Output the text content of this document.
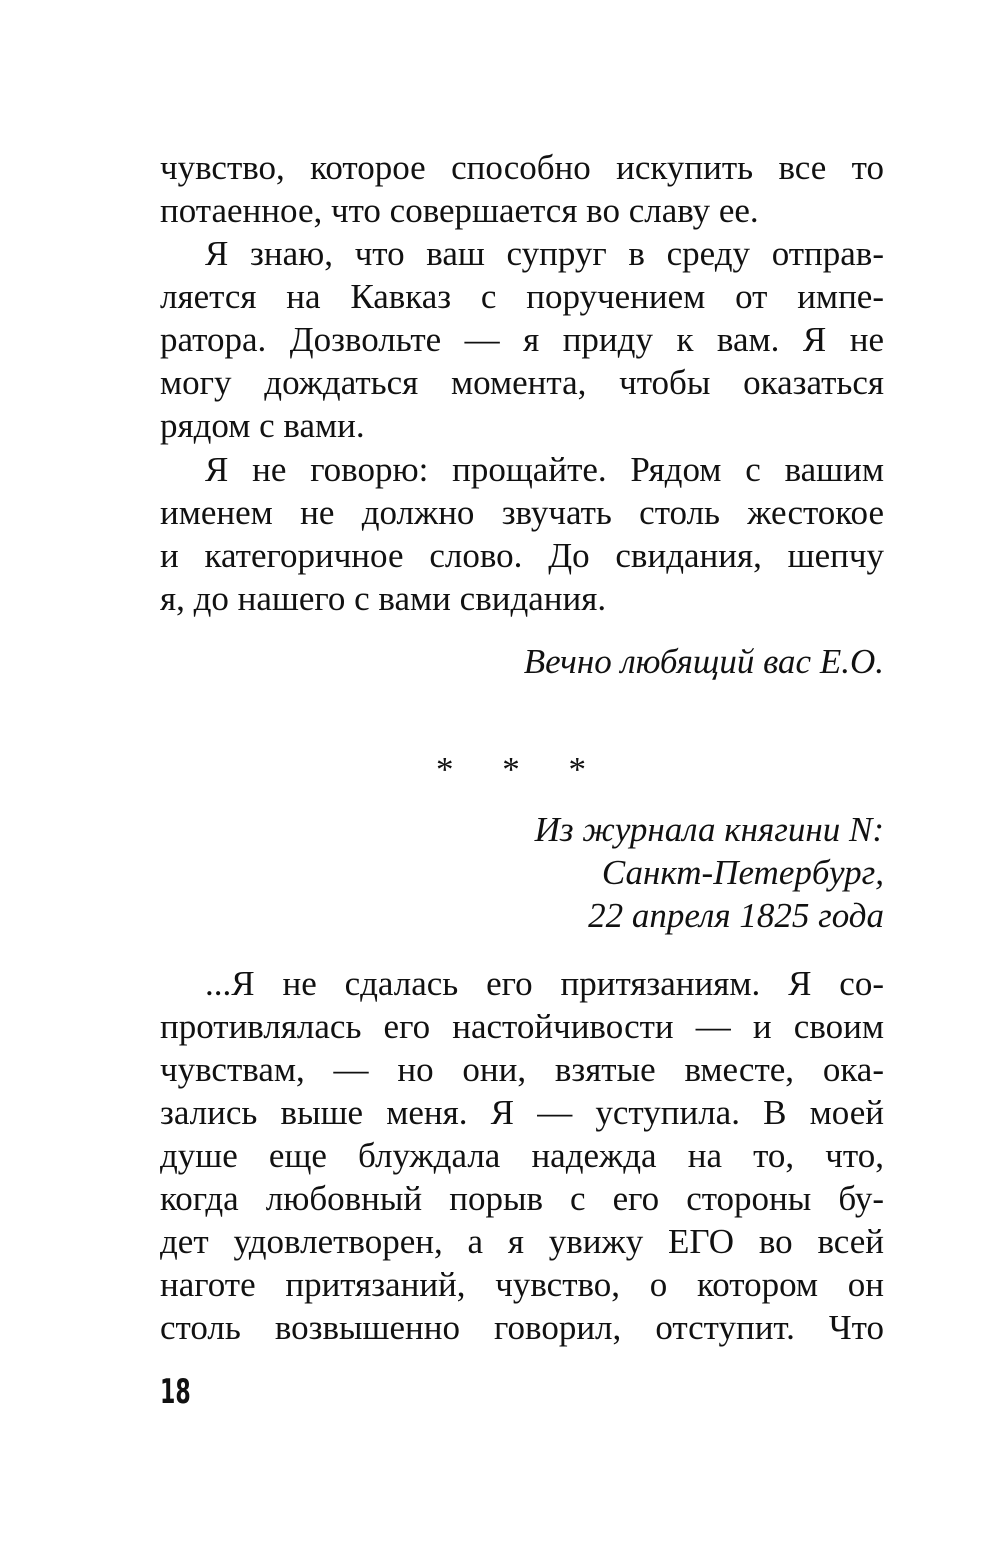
чувство, которое способно искупить все то
потаенное, что совершается во славу ее.
Я знаю, что ваш супруг в среду отправ-
ляется на Кавказ с поручением от импе-
ратора. Дозвольте — я приду к вам. Я не
могу дождаться момента, чтобы оказаться
рядом с вами.
Я не говорю: прощайте. Рядом с вашим
именем не должно звучать столь жестокое
и категоричное слово. До свидания, шепчу
я, до нашего с вами свидания.
Вечно любящий вас Е.О.
* * *
Из журнала княгини N:
Санкт-Петербург,
22 апреля 1825 года
...Я не сдалась его притязаниям. Я со-
противлялась его настойчивости — и своим
чувствам, — но они, взятые вместе, ока-
зались выше меня. Я — уступила. В моей
душе еще блуждала надежда на то, что,
когда любовный порыв с его стороны бу-
дет удовлетворен, а я увижу ЕГО во всей
наготе притязаний, чувство, о котором он
столь возвышенно говорил, отступит. Что
18
